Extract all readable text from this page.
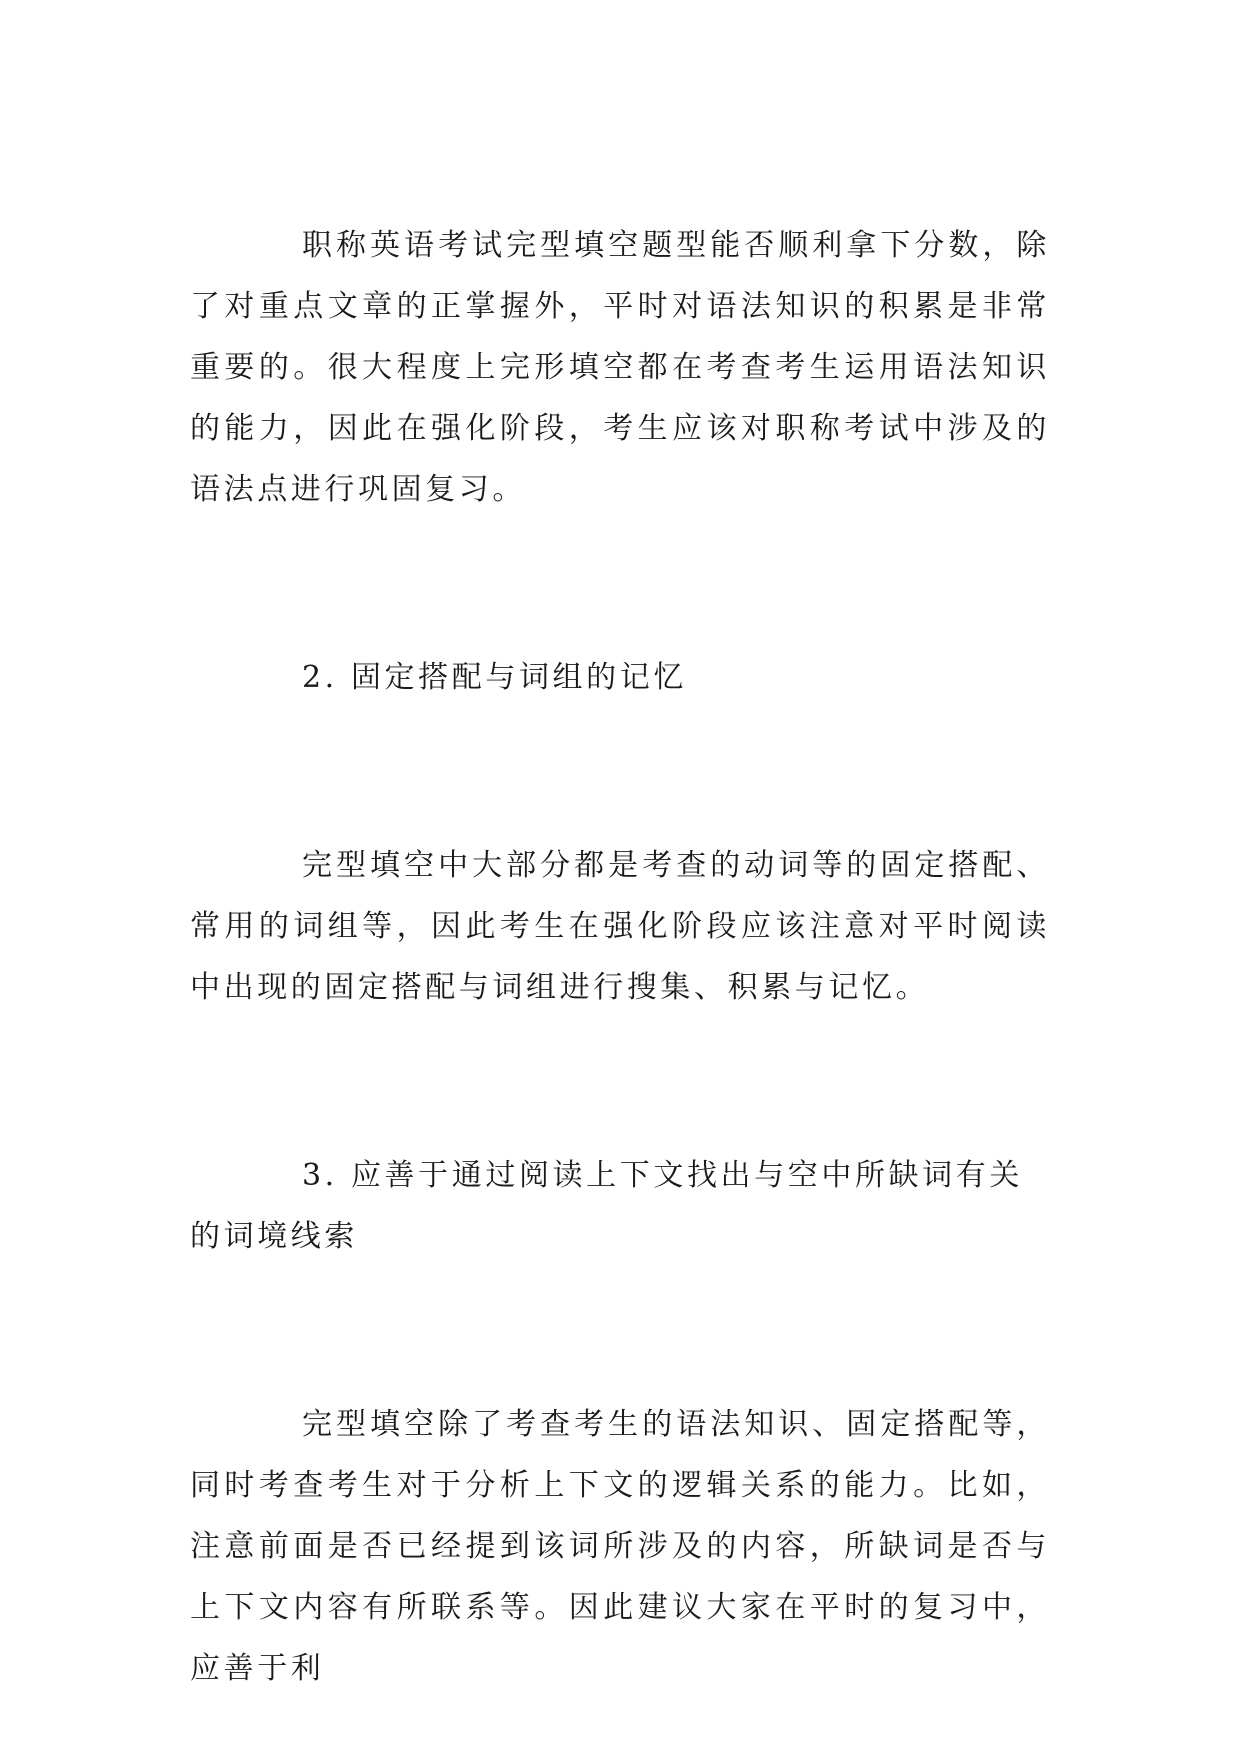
职称英语考试完型填空题型能否顺利拿下分数，除了对重点文章的正掌握外，平时对语法知识的积累是非常重要的。很大程度上完形填空都在考查考生运用语法知识的能力，因此在强化阶段，考生应该对职称考试中涉及的语法点进行巩固复习。

2. 固定搭配与词组的记忆

完型填空中大部分都是考查的动词等的固定搭配、常用的词组等，因此考生在强化阶段应该注意对平时阅读中出现的固定搭配与词组进行搜集、积累与记忆。

3. 应善于通过阅读上下文找出与空中所缺词有关的词境线索

完型填空除了考查考生的语法知识、固定搭配等，同时考查考生对于分析上下文的逻辑关系的能力。比如，注意前面是否已经提到该词所涉及的内容，所缺词是否与上下文内容有所联系等。因此建议大家在平时的复习中，应善于利
